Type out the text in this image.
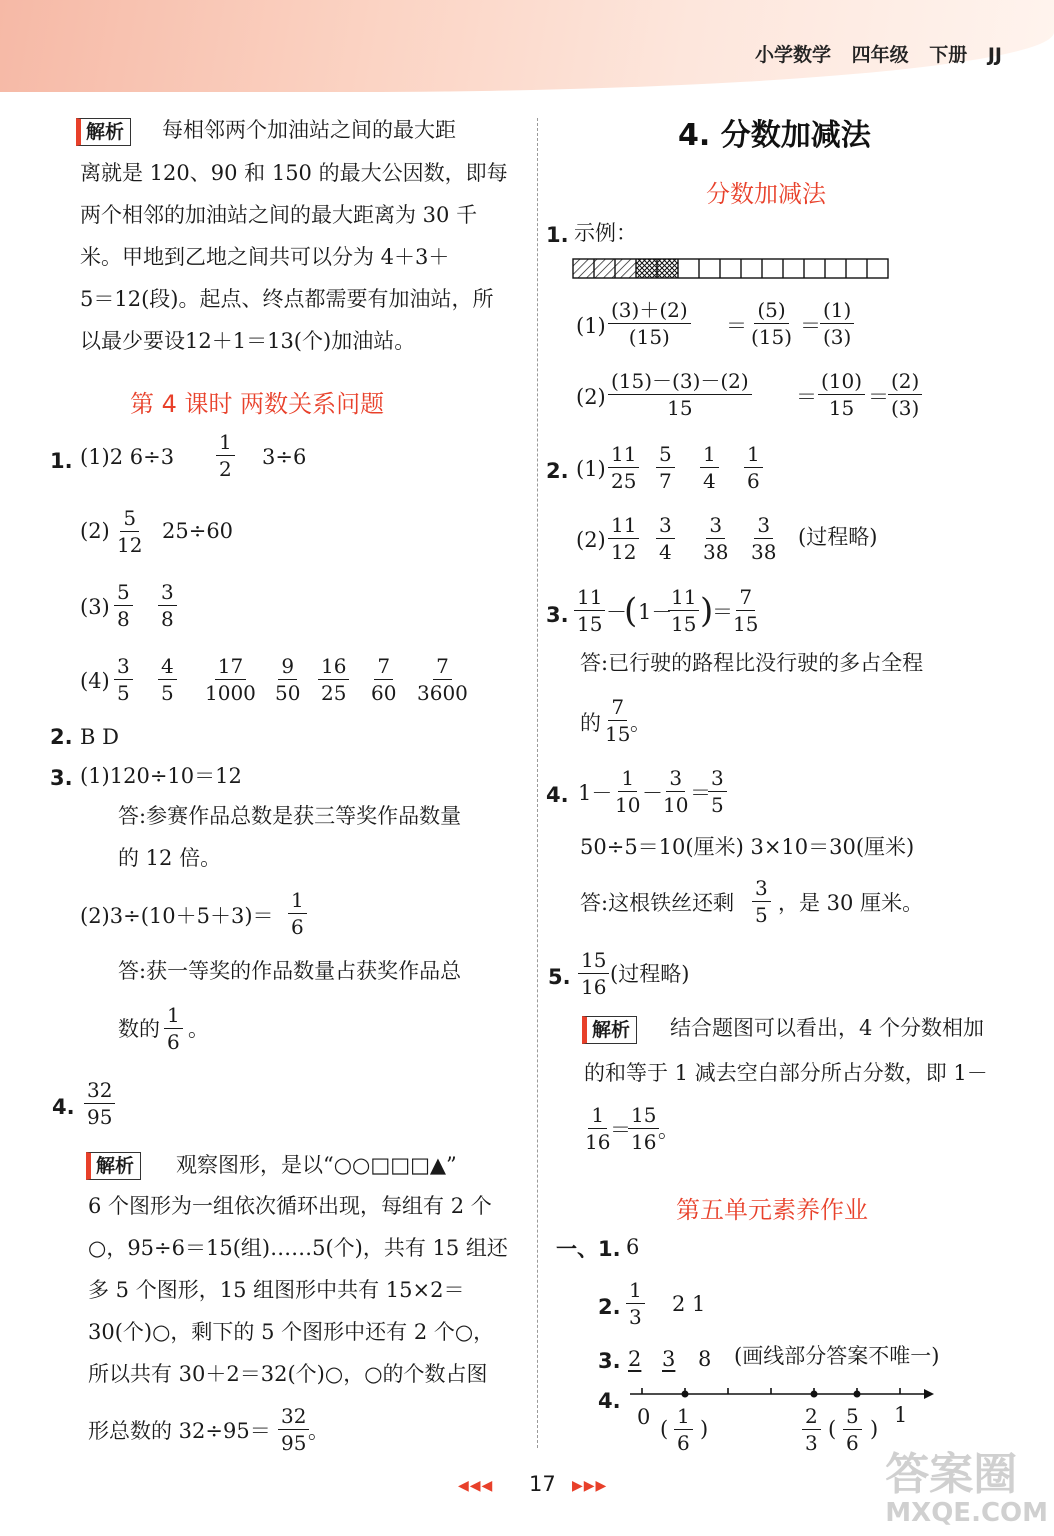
小学数学 四年级 下册 JJ
解析	每相邻两个加油站之间的最大距
离就是 120、90 和 150 的最大公因数，即每
两个相邻的加油站之间的最大距离为 30 千
米。甲地到乙地之间共可以分为 4＋3＋
5＝12(段)。起点、终点都需要有加油站，所
以最少要设12＋1＝13(个)加油站。
第 4 课时 两数关系问题
1. (1)2 $6\div 3 \frac{1}{2} 3\div 6$
$(2) \frac{5}{12} 25\div 60$
$(3) \frac{5}{8} \frac{3}{8}$
$(4) \frac{3}{5} \frac{4}{5} \frac{17}{1000} \frac{9}{50} \frac{16}{25} \frac{7}{60} \frac{7}{3600}$
2. B D
3. (1)120÷10＝12
答:参赛作品总数是获三等奖作品数量
的 12 倍。
$(2)3\div(10+5+3)= \frac{1}{6}$
答:获一等奖的作品数量占获奖作品总
数的 $\frac{1}{6}$ 。
4. $\frac{32}{95}$
解析	观察图形，是以“○○□□□▲”
6 个图形为一组依次循环出现，每组有 2 个
○，95÷6＝15(组)……5(个)，共有 15 组还
多 5 个图形，15 组图形中共有 15×2＝
30(个)○，剩下的 5 个图形中还有 2 个○，
所以共有 30＋2＝32(个)○，○的个数占图
形总数的 $32\div 95= \frac{32}{95}$
。
4. 分数加减法
分数加减法
1. 示例：
$(1) \frac{(3)+(2)}{(15)} = \frac{(5)}{(15)} = \frac{(1)}{(3)}$
$(2) \frac{(15)-(3)-(2)}{15} = \frac{(10)}{15} = \frac{(2)}{(3)}$
2. $(1) \frac{11}{25} \frac{5}{7} \frac{1}{4} \frac{1}{6}$
$(2) \frac{11}{12} \frac{3}{4} \frac{3}{38} \frac{3}{38}$ (过程略)
3. $\frac{11}{15}$ －
( 1－
$\frac{11}{15}$ )
＝
$\frac{7}{15}$
答:已行驶的路程比没行驶的多占全程
的 $\frac{7}{15}$
。
4. $1- \frac{1}{10}$
－
$\frac{3}{10}$
＝
$\frac{3}{5}$
50÷5＝10(厘米) 3×10＝30(厘米)
答:这根铁丝还剩 $\frac{3}{5}$ ，是 30 厘米。
5. $\frac{15}{16}$ (过程略)
解析	结合题图可以看出，4 个分数相加
的和等于 1 减去空白部分所占分数，即 1－
$\frac{1}{16}$
＝
$\frac{15}{16}$
。
第五单元素养作业
一、1. 6
2. $\frac{1}{3} 2$ 1
3. 2 3 8 (画线部分答案不唯一)
4.
0 ( $\frac{1}{6}$ )	$\frac{2}{3}$ ( $\frac{5}{6}$ )
1
◀◀◀ 17 ▶▶▶	答案圈
MXQE.COM
